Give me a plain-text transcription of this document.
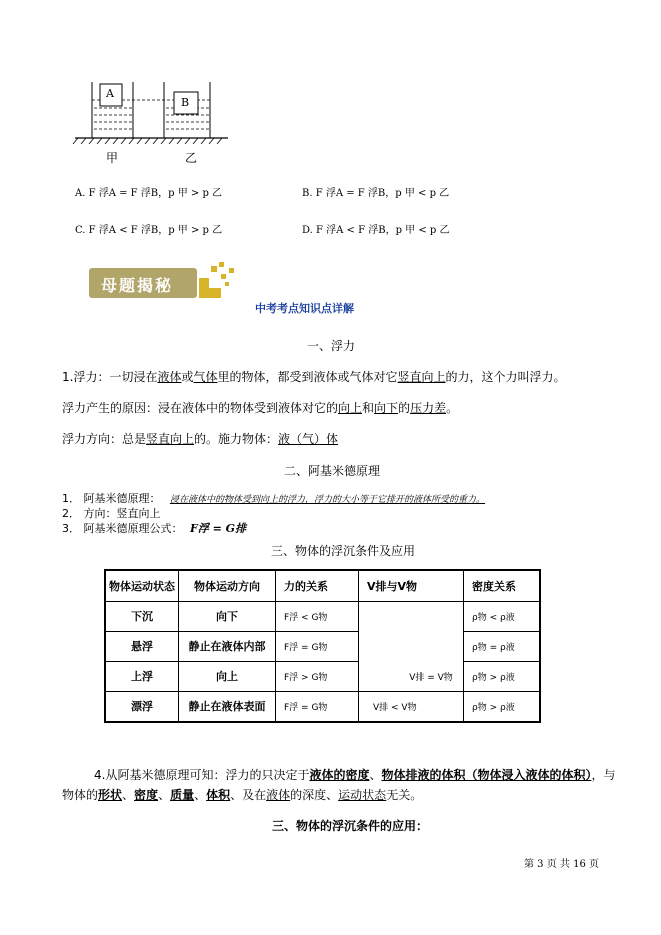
A
B
甲	乙
A. F 浮A = F 浮B，p 甲 > p 乙	B. F 浮A = F 浮B，p 甲 < p 乙
C. F 浮A < F 浮B，p 甲 > p 乙	D. F 浮A < F 浮B，p 甲 < p 乙
母题揭秘
中考考点知识点详解
一、浮力
1.浮力：一切浸在液体或气体里的物体，都受到液体或气体对它竖直向上的力，这个力叫浮力。
浮力产生的原因：浸在液体中的物体受到液体对它的向上和向下的压力差。
浮力方向：总是竖直向上的。施力物体：液（气）体
二、阿基米德原理
1． 阿基米德原理： 浸在液体中的物体受到向上的浮力，浮力的大小等于它排开的液体所受的重力。
2． 方向：竖直向上
3． 阿基米德原理公式： F浮 = G排
三、物体的浮沉条件及应用
物体运动状态	物体运动方向	力的关系	V排与V物	密度关系
下沉	向下	F浮 < G物	V排 = V物	ρ物 < ρ液
悬浮	静止在液体内部	F浮 = G物		ρ物 = ρ液
上浮	向上	F浮 > G物		ρ物 > ρ液
漂浮	静止在液体表面	F浮 = G物	V排 < V物	ρ物 > ρ液
4.从阿基米德原理可知：浮力的只决定于液体的密度、物体排液的体积（物体浸入液体的体积），与
物体的形状、密度、质量、体积、及在液体的深度、运动状态无关。
三、物体的浮沉条件的应用：
第 3 页 共 16 页
